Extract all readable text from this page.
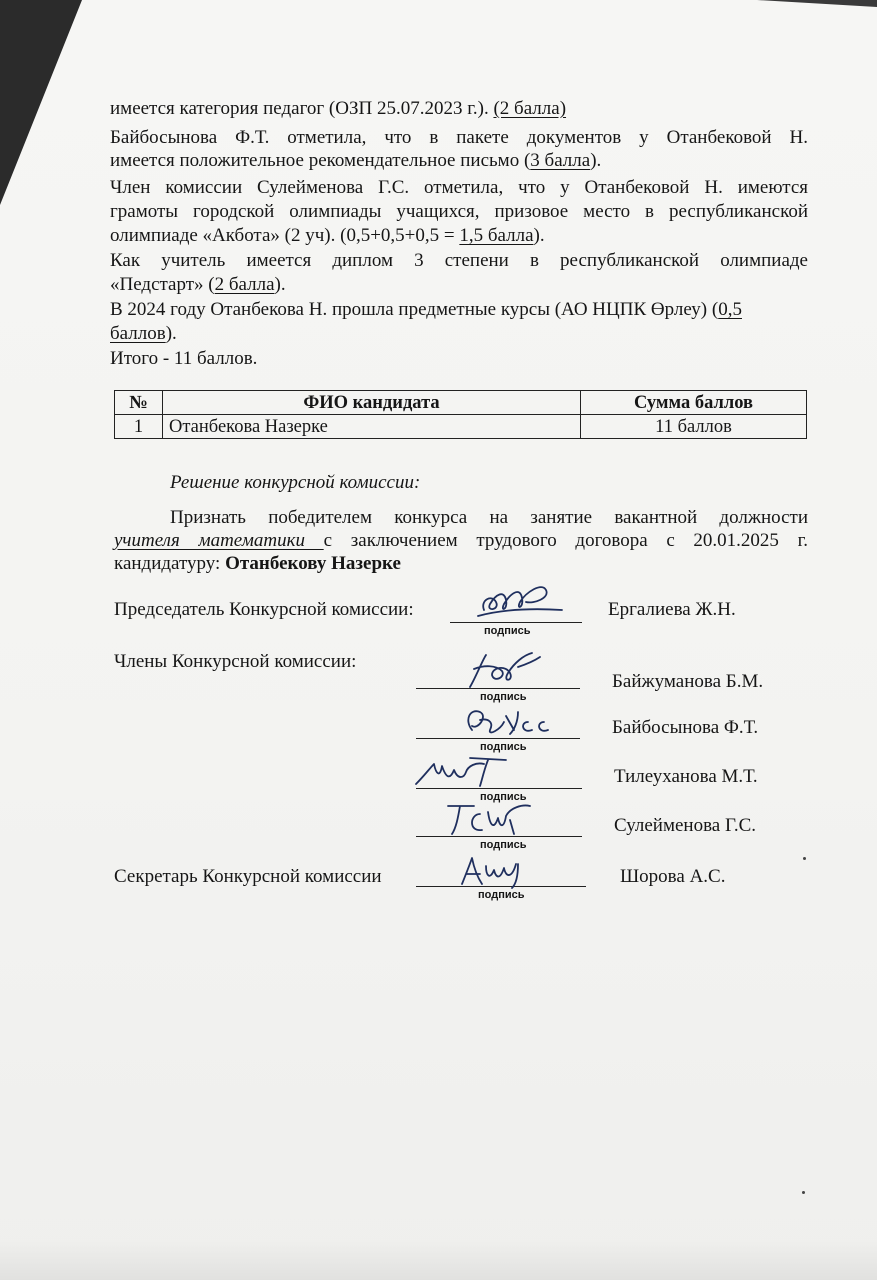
имеется категория педагог (ОЗП 25.07.2023 г.). (2 балла)

Байбосынова Ф.Т. отметила, что в пакете документов у Отанбековой Н.

имеется положительное рекомендательное письмо (3 балла).

Член комиссии Сулейменова Г.С. отметила, что у Отанбековой Н. имеются

грамоты городской олимпиады учащихся, призовое место в республиканской

олимпиаде «Акбота» (2 уч). (0,5+0,5+0,5 = 1,5 балла).

Как учитель имеется диплом 3 степени в республиканской олимпиаде

«Педстарт» (2 балла).

В 2024 году Отанбекова Н. прошла предметные курсы (АО НЦПК Өрлеу) (0,5

баллов).

Итого - 11 баллов.

№	ФИО кандидата	Сумма баллов
1	Отанбекова Назерке	11 баллов

Решение конкурсной комиссии:

Признать победителем конкурса на занятие вакантной должности
учителя математики с заключением трудового договора с 20.01.2025 г.
кандидатуру: Отанбекову Назерке

Председатель Конкурсной комиссии:

подпись

Ергалиева Ж.Н.

Члены Конкурсной комиссии:

подпись

Байжуманова Б.М.

подпись

Байбосынова Ф.Т.

подпись

Тилеуханова М.Т.

подпись

Сулейменова Г.С.

Секретарь Конкурсной комиссии

подпись

Шорова А.С.
